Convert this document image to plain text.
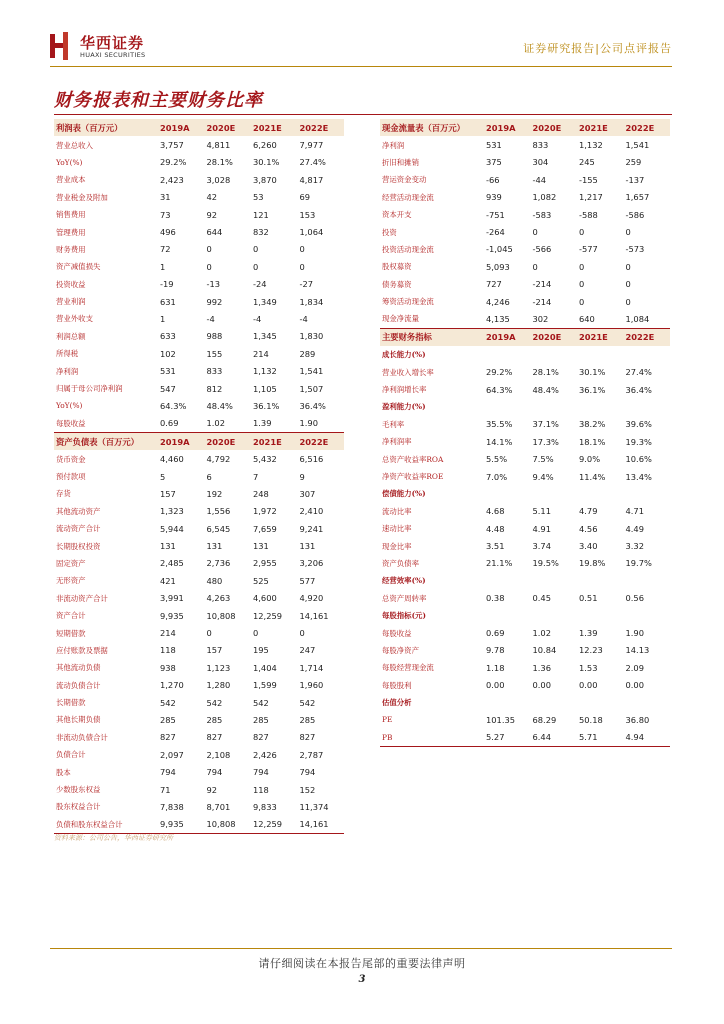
华西证券
HUAXI SECURITIES	证券研究报告|公司点评报告
财务报表和主要财务比率
利润表（百万元）	2019A	2020E	2021E	2022E
营业总收入	3,757	4,811	6,260	7,977
YoY(%)	29.2%	28.1%	30.1%	27.4%
营业成本	2,423	3,028	3,870	4,817
营业税金及附加	31	42	53	69
销售费用	73	92	121	153
管理费用	496	644	832	1,064
财务费用	72	0	0	0
资产减值损失	1	0	0	0
投资收益	-19	-13	-24	-27
营业利润	631	992	1,349	1,834
营业外收支	1	-4	-4	-4
利润总额	633	988	1,345	1,830
所得税	102	155	214	289
净利润	531	833	1,132	1,541
归属于母公司净利润	547	812	1,105	1,507
YoY(%)	64.3%	48.4%	36.1%	36.4%
每股收益	0.69	1.02	1.39	1.90
资产负债表（百万元）	2019A	2020E	2021E	2022E
货币资金	4,460	4,792	5,432	6,516
预付款项	5	6	7	9
存货	157	192	248	307
其他流动资产	1,323	1,556	1,972	2,410
流动资产合计	5,944	6,545	7,659	9,241
长期股权投资	131	131	131	131
固定资产	2,485	2,736	2,955	3,206
无形资产	421	480	525	577
非流动资产合计	3,991	4,263	4,600	4,920
资产合计	9,935	10,808	12,259	14,161
短期借款	214	0	0	0
应付账款及票据	118	157	195	247
其他流动负债	938	1,123	1,404	1,714
流动负债合计	1,270	1,280	1,599	1,960
长期借款	542	542	542	542
其他长期负债	285	285	285	285
非流动负债合计	827	827	827	827
负债合计	2,097	2,108	2,426	2,787
股本	794	794	794	794
少数股东权益	71	92	118	152
股东权益合计	7,838	8,701	9,833	11,374
负债和股东权益合计	9,935	10,808	12,259	14,161
现金流量表（百万元）	2019A	2020E	2021E	2022E
净利润	531	833	1,132	1,541
折旧和摊销	375	304	245	259
营运资金变动	-66	-44	-155	-137
经营活动现金流	939	1,082	1,217	1,657
资本开支	-751	-583	-588	-586
投资	-264	0	0	0
投资活动现金流	-1,045	-566	-577	-573
股权募资	5,093	0	0	0
债务募资	727	-214	0	0
筹资活动现金流	4,246	-214	0	0
现金净流量	4,135	302	640	1,084
主要财务指标	2019A	2020E	2021E	2022E
成长能力(%)				
营业收入增长率	29.2%	28.1%	30.1%	27.4%
净利润增长率	64.3%	48.4%	36.1%	36.4%
盈利能力(%)				
毛利率	35.5%	37.1%	38.2%	39.6%
净利润率	14.1%	17.3%	18.1%	19.3%
总资产收益率ROA	5.5%	7.5%	9.0%	10.6%
净资产收益率ROE	7.0%	9.4%	11.4%	13.4%
偿债能力(%)				
流动比率	4.68	5.11	4.79	4.71
速动比率	4.48	4.91	4.56	4.49
现金比率	3.51	3.74	3.40	3.32
资产负债率	21.1%	19.5%	19.8%	19.7%
经营效率(%)				
总资产周转率	0.38	0.45	0.51	0.56
每股指标(元)				
每股收益	0.69	1.02	1.39	1.90
每股净资产	9.78	10.84	12.23	14.13
每股经营现金流	1.18	1.36	1.53	2.09
每股股利	0.00	0.00	0.00	0.00
估值分析				
PE	101.35	68.29	50.18	36.80
PB	5.27	6.44	5.71	4.94
资料来源：公司公告，华西证券研究所
请仔细阅读在本报告尾部的重要法律声明
3
